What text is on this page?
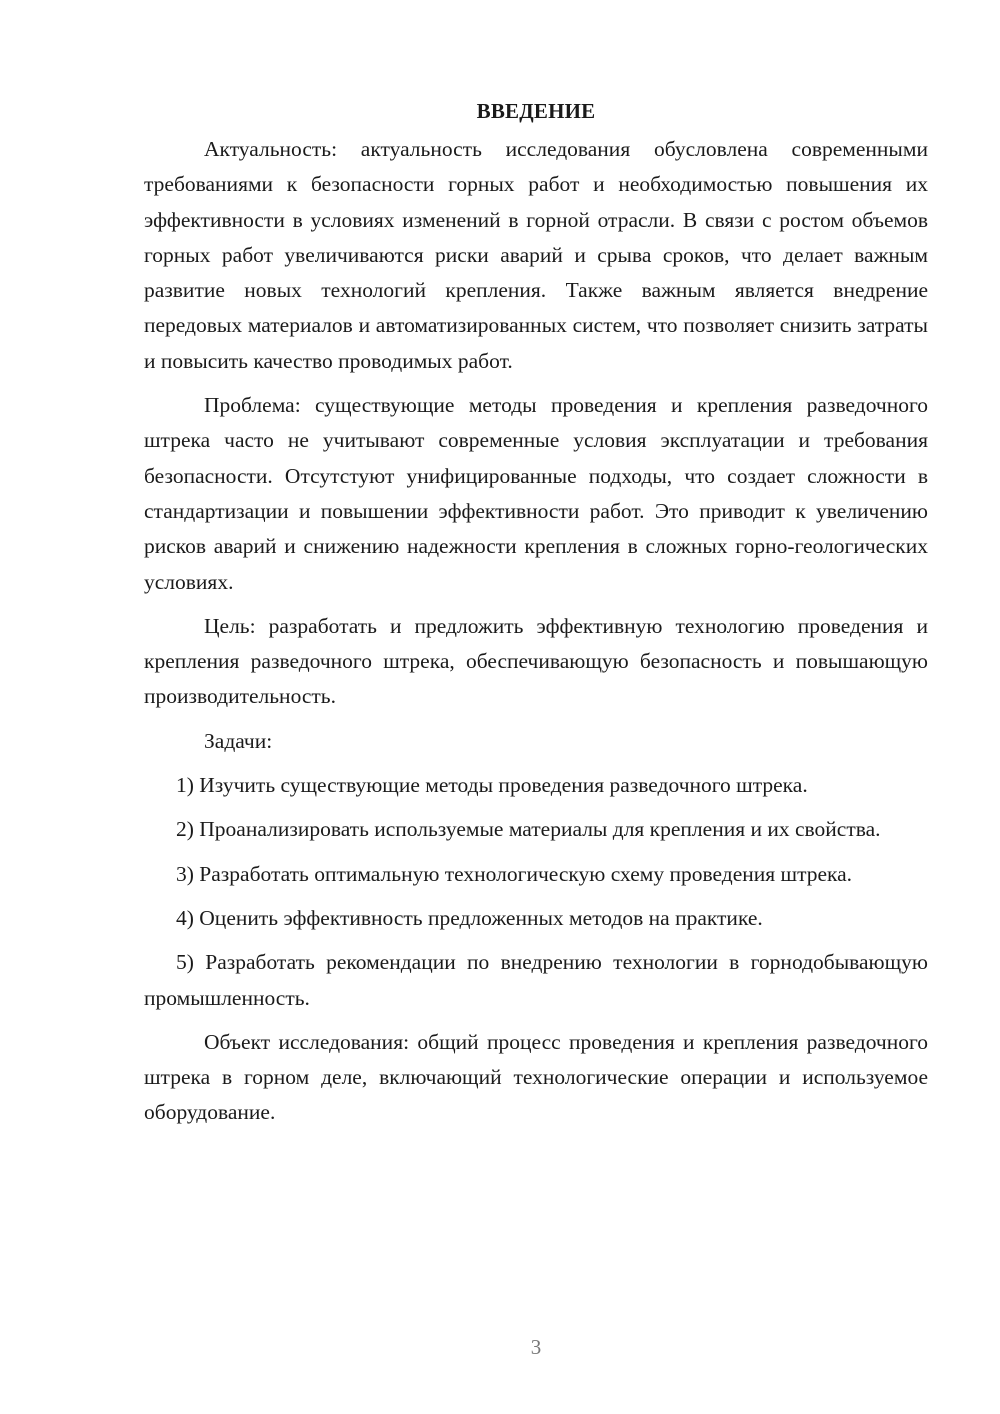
ВВЕДЕНИЕ

Актуальность: актуальность исследования обусловлена современными требованиями к безопасности горных работ и необходимостью повышения их эффективности в условиях изменений в горной отрасли. В связи с ростом объемов горных работ увеличиваются риски аварий и срыва сроков, что делает важным развитие новых технологий крепления. Также важным является внедрение передовых материалов и автоматизированных систем, что позволяет снизить затраты и повысить качество проводимых работ.

Проблема: существующие методы проведения и крепления разведочного штрека часто не учитывают современные условия эксплуатации и требования безопасности. Отсутстуют унифицированные подходы, что создает сложности в стандартизации и повышении эффективности работ. Это приводит к увеличению рисков аварий и снижению надежности крепления в сложных горно-геологических условиях.

Цель: разработать и предложить эффективную технологию проведения и крепления разведочного штрека, обеспечивающую безопасность и повышающую производительность.

Задачи:

1) Изучить существующие методы проведения разведочного штрека.

2) Проанализировать используемые материалы для крепления и их свойства.

3) Разработать оптимальную технологическую схему проведения штрека.

4) Оценить эффективность предложенных методов на практике.

5) Разработать рекомендации по внедрению технологии в горнодобывающую промышленность.

Объект исследования: общий процесс проведения и крепления разведочного штрека в горном деле, включающий технологические операции и используемое оборудование.

3
